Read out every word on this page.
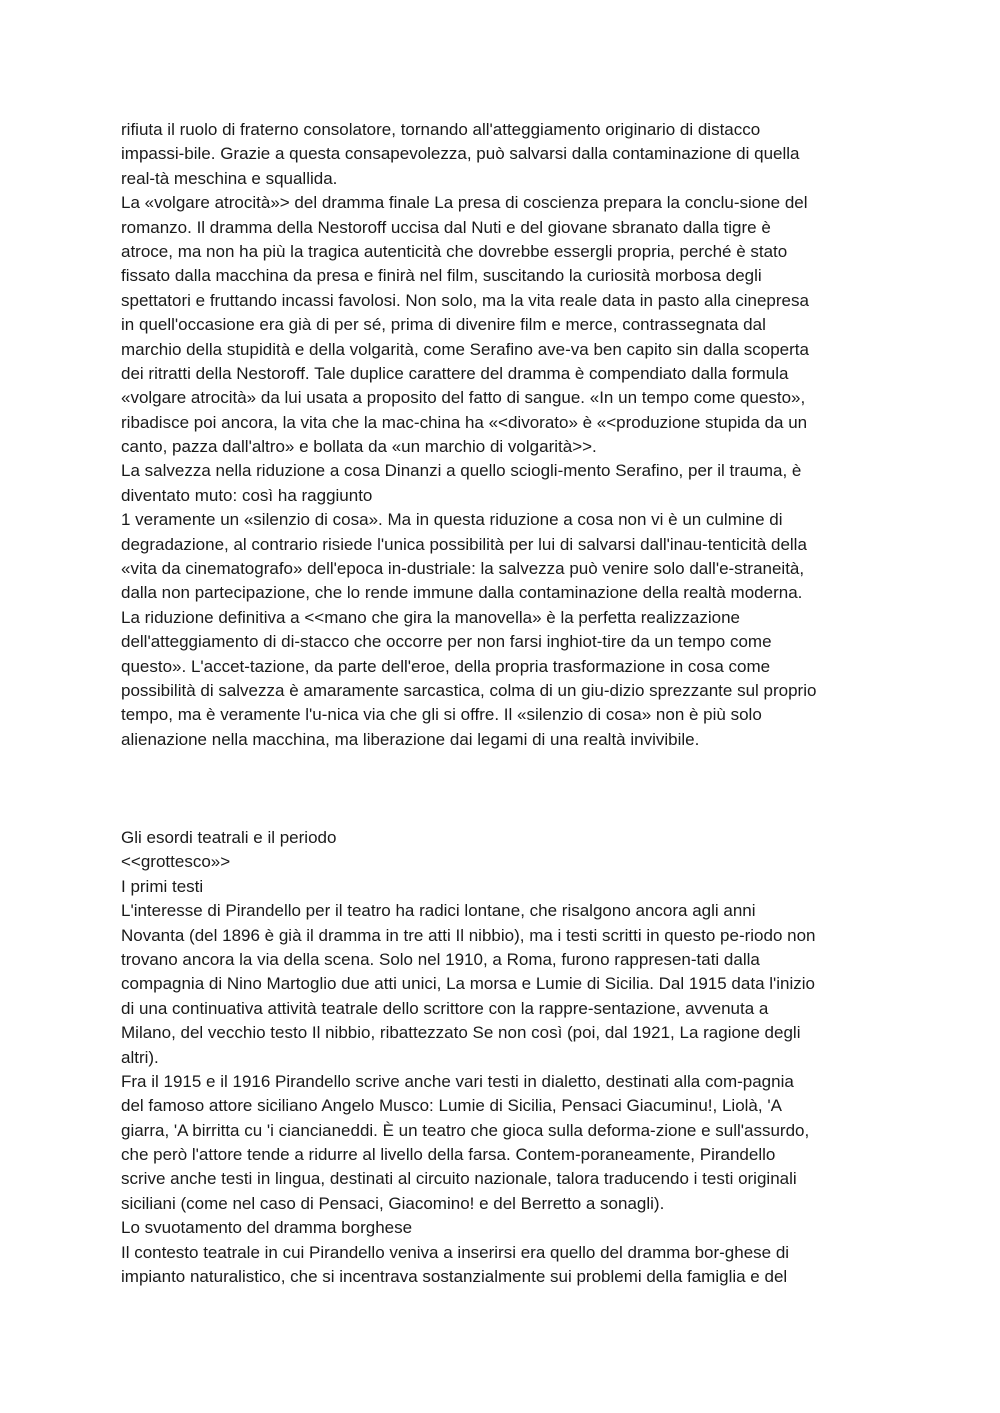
rifiuta il ruolo di fraterno consolatore, tornando all'atteggiamento originario di distacco
impassi-bile. Grazie a questa consapevolezza, può salvarsi dalla contaminazione di quella
real-tà meschina e squallida.
La «volgare atrocità»> del dramma finale La presa di coscienza prepara la conclu-sione del
romanzo. Il dramma della Nestoroff uccisa dal Nuti e del giovane sbranato dalla tigre è
atroce, ma non ha più la tragica autenticità che dovrebbe essergli propria, perché è stato
fissato dalla macchina da presa e finirà nel film, suscitando la curiosità morbosa degli
spettatori e fruttando incassi favolosi. Non solo, ma la vita reale data in pasto alla cinepresa
in quell'occasione era già di per sé, prima di divenire film e merce, contrassegnata dal
marchio della stupidità e della volgarità, come Serafino ave-va ben capito sin dalla scoperta
dei ritratti della Nestoroff. Tale duplice carattere del dramma è compendiato dalla formula
«volgare atrocità» da lui usata a proposito del fatto di sangue. «In un tempo come questo»,
ribadisce poi ancora, la vita che la mac-china ha «<divorato» è «<produzione stupida da un
canto, pazza dall'altro» e bollata da «un marchio di volgarità>>.
La salvezza nella riduzione a cosa Dinanzi a quello sciogli-mento Serafino, per il trauma, è
diventato muto: così ha raggiunto
1 veramente un «silenzio di cosa». Ma in questa riduzione a cosa non vi è un culmine di
degradazione, al contrario risiede l'unica possibilità per lui di salvarsi dall'inau-tenticità della
«vita da cinematografo» dell'epoca in-dustriale: la salvezza può venire solo dall'e-straneità,
dalla non partecipazione, che lo rende immune dalla contaminazione della realtà moderna.
La riduzione definitiva a <<mano che gira la manovella» è la perfetta realizzazione
dell'atteggiamento di di-stacco che occorre per non farsi inghiot-tire da un tempo come
questo». L'accet-tazione, da parte dell'eroe, della propria trasformazione in cosa come
possibilità di salvezza è amaramente sarcastica, colma di un giu-dizio sprezzante sul proprio
tempo, ma è veramente l'u-nica via che gli si offre. Il «silenzio di cosa» non è più solo
alienazione nella macchina, ma liberazione dai legami di una realtà invivibile.
Gli esordi teatrali e il periodo
<<grottesco»>
I primi testi
L'interesse di Pirandello per il teatro ha radici lontane, che risalgono ancora agli anni
Novanta (del 1896 è già il dramma in tre atti Il nibbio), ma i testi scritti in questo pe-riodo non
trovano ancora la via della scena. Solo nel 1910, a Roma, furono rappresen-tati dalla
compagnia di Nino Martoglio due atti unici, La morsa e Lumie di Sicilia. Dal 1915 data l'inizio
di una continuativa attività teatrale dello scrittore con la rappre-sentazione, avvenuta a
Milano, del vecchio testo Il nibbio, ribattezzato Se non così (poi, dal 1921, La ragione degli
altri).
Fra il 1915 e il 1916 Pirandello scrive anche vari testi in dialetto, destinati alla com-pagnia
del famoso attore siciliano Angelo Musco: Lumie di Sicilia, Pensaci Giacuminu!, Liolà, 'A
giarra, 'A birritta cu 'i ciancianeddi. È un teatro che gioca sulla deforma-zione e sull'assurdo,
che però l'attore tende a ridurre al livello della farsa. Contem-poraneamente, Pirandello
scrive anche testi in lingua, destinati al circuito nazionale, talora traducendo i testi originali
siciliani (come nel caso di Pensaci, Giacomino! e del Berretto a sonagli).
Lo svuotamento del dramma borghese
Il contesto teatrale in cui Pirandello veniva a inserirsi era quello del dramma bor-ghese di
impianto naturalistico, che si incentrava sostanzialmente sui problemi della famiglia e del
